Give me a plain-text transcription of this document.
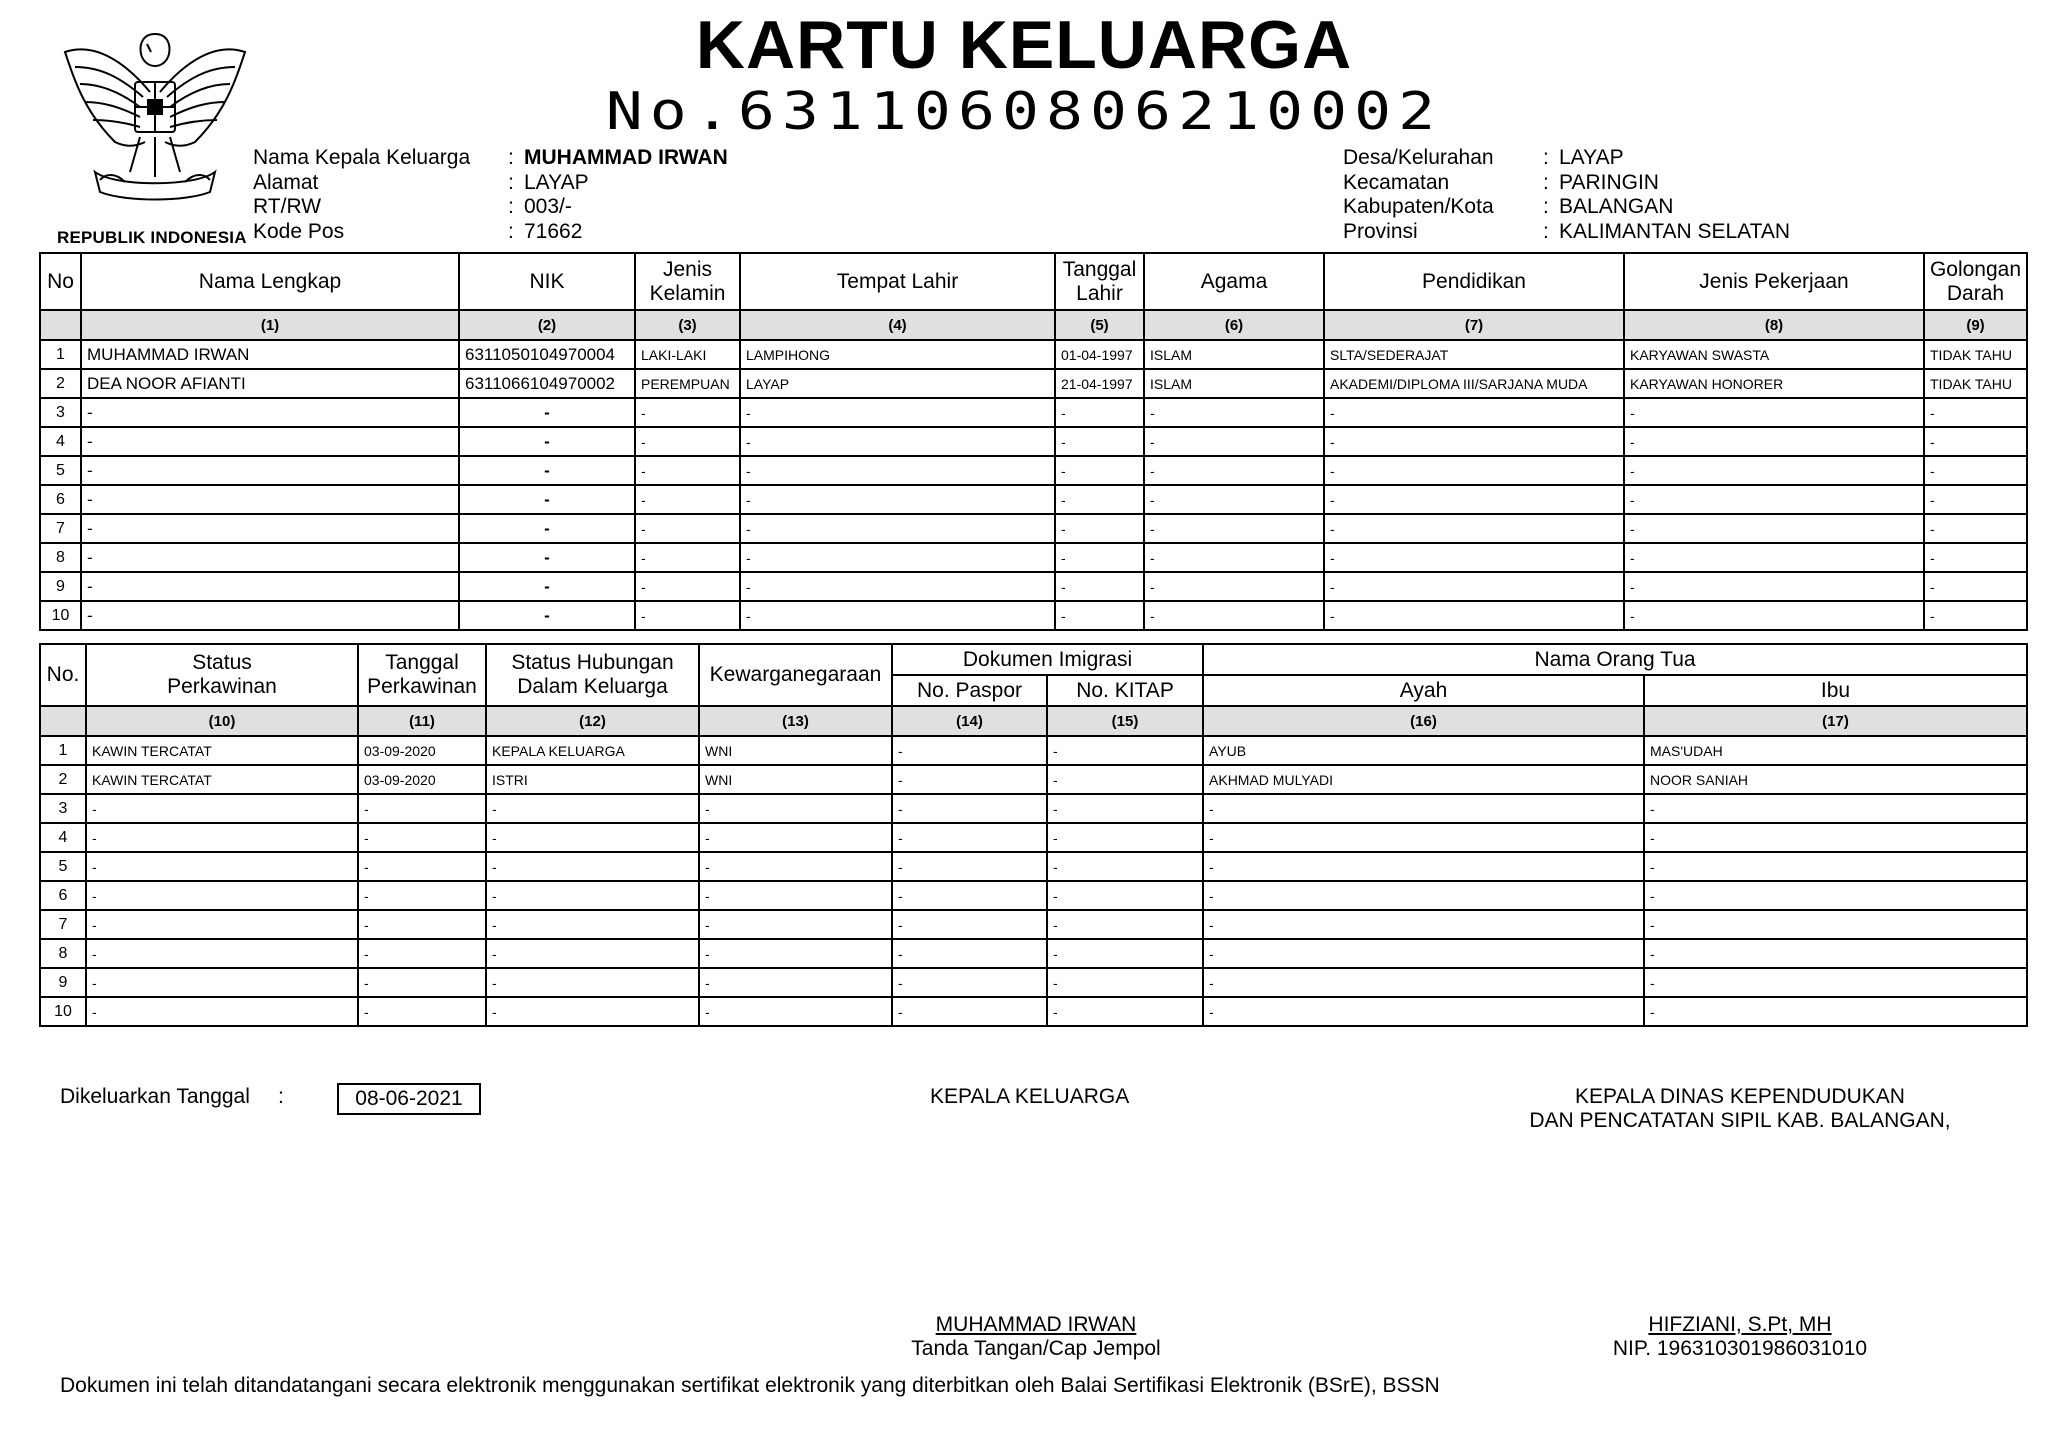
REPUBLIK INDONESIA
KARTU KELUARGA
No.6311060806210002
Nama Kepala Keluarga	: MUHAMMAD IRWAN
Alamat	: LAYAP
RT/RW	: 003/-
Kode Pos	: 71662
Desa/Kelurahan	: LAYAP
Kecamatan	: PARINGIN
Kabupaten/Kota	: BALANGAN
Provinsi	: KALIMANTAN SELATAN
No	Nama Lengkap	NIK	Jenis Kelamin	Tempat Lahir	Tanggal Lahir	Agama	Pendidikan	Jenis Pekerjaan	Golongan Darah
	(1)	(2)	(3)	(4)	(5)	(6)	(7)	(8)	(9)
1	MUHAMMAD IRWAN	6311050104970004	LAKI-LAKI	LAMPIHONG	01-04-1997	ISLAM	SLTA/SEDERAJAT	KARYAWAN SWASTA	TIDAK TAHU
2	DEA NOOR AFIANTI	6311066104970002	PEREMPUAN	LAYAP	21-04-1997	ISLAM	AKADEMI/DIPLOMA III/SARJANA MUDA	KARYAWAN HONORER	TIDAK TAHU
3	-	-	-	-	-	-	-	-	-
4	-	-	-	-	-	-	-	-	-
5	-	-	-	-	-	-	-	-	-
6	-	-	-	-	-	-	-	-	-
7	-	-	-	-	-	-	-	-	-
8	-	-	-	-	-	-	-	-	-
9	-	-	-	-	-	-	-	-	-
10	-	-	-	-	-	-	-	-	-
No.	Status Perkawinan	Tanggal Perkawinan	Status Hubungan Dalam Keluarga	Kewarganegaraan	Dokumen Imigrasi		Nama Orang Tua	
					No. Paspor	No. KITAP	Ayah	Ibu
	(10)	(11)	(12)	(13)	(14)	(15)	(16)	(17)
1	KAWIN TERCATAT	03-09-2020	KEPALA KELUARGA	WNI	-	-	AYUB	MAS'UDAH
2	KAWIN TERCATAT	03-09-2020	ISTRI	WNI	-	-	AKHMAD MULYADI	NOOR SANIAH
3	-	-	-	-	-	-	-	-
4	-	-	-	-	-	-	-	-
5	-	-	-	-	-	-	-	-
6	-	-	-	-	-	-	-	-
7	-	-	-	-	-	-	-	-
8	-	-	-	-	-	-	-	-
9	-	-	-	-	-	-	-	-
10	-	-	-	-	-	-	-	-
Dikeluarkan Tanggal :	08-06-2021	KEPALA KELUARGA	KEPALA DINAS KEPENDUDUKAN
DAN PENCATATAN SIPIL KAB. BALANGAN,
MUHAMMAD IRWAN
Tanda Tangan/Cap Jempol
HIFZIANI, S.Pt, MH
NIP. 196310301986031010
Dokumen ini telah ditandatangani secara elektronik menggunakan sertifikat elektronik yang diterbitkan oleh Balai Sertifikasi Elektronik (BSrE), BSSN
